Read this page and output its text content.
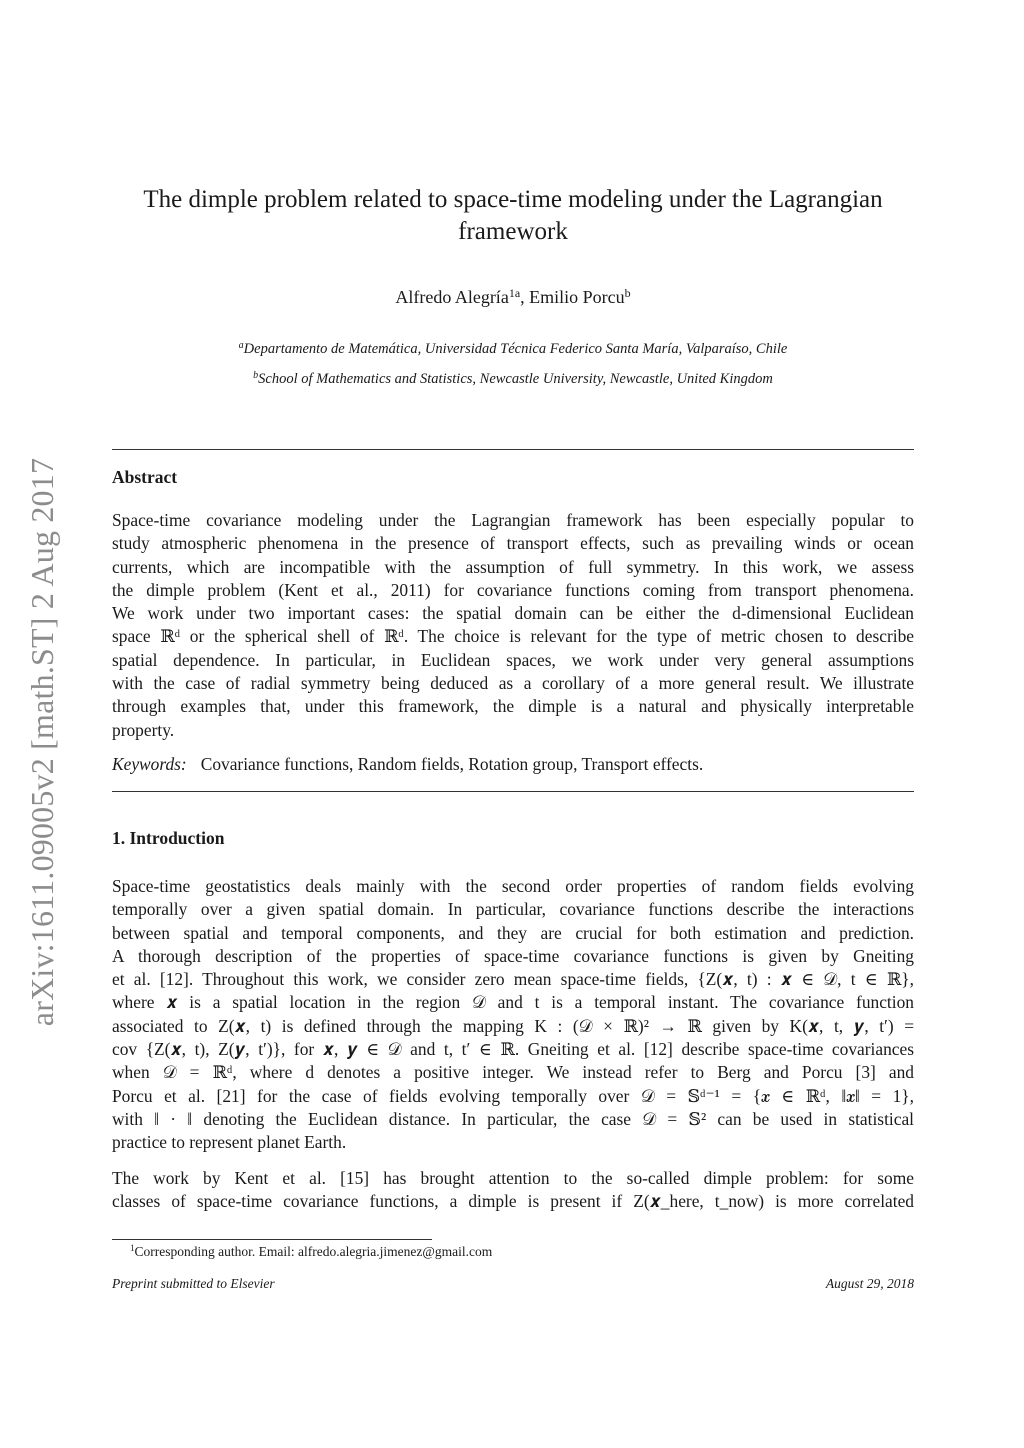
arXiv:1611.09005v2 [math.ST] 2 Aug 2017
The dimple problem related to space-time modeling under the Lagrangian
framework
Alfredo Alegría$^{1a}$, Emilio Porcu$^b$
$^a$Departamento de Matemática, Universidad Técnica Federico Santa María, Valparaíso, Chile
$^b$School of Mathematics and Statistics, Newcastle University, Newcastle, United Kingdom
Abstract
Space-time covariance modeling under the Lagrangian framework has been especially popular to
study atmospheric phenomena in the presence of transport effects, such as prevailing winds or ocean
currents, which are incompatible with the assumption of full symmetry. In this work, we assess
the dimple problem (Kent et al., 2011) for covariance functions coming from transport phenomena.
We work under two important cases: the spatial domain can be either the d-dimensional Euclidean
space ℝᵈ or the spherical shell of ℝᵈ. The choice is relevant for the type of metric chosen to describe
spatial dependence. In particular, in Euclidean spaces, we work under very general assumptions
with the case of radial symmetry being deduced as a corollary of a more general result. We illustrate
through examples that, under this framework, the dimple is a natural and physically interpretable
property.
Keywords: Covariance functions, Random fields, Rotation group, Transport effects.
1. Introduction
Space-time geostatistics deals mainly with the second order properties of random fields evolving
temporally over a given spatial domain. In particular, covariance functions describe the interactions
between spatial and temporal components, and they are crucial for both estimation and prediction.
A thorough description of the properties of space-time covariance functions is given by Gneiting
et al. [12]. Throughout this work, we consider zero mean space-time fields, {Z(𝒙, t) : 𝒙 ∈ 𝒟, t ∈ ℝ},
where 𝒙 is a spatial location in the region 𝒟 and t is a temporal instant. The covariance function
associated to Z(𝒙, t) is defined through the mapping K : (𝒟 × ℝ)² → ℝ given by K(𝒙, t, 𝒚, t′) =
cov {Z(𝒙, t), Z(𝒚, t′)}, for 𝒙, 𝒚 ∈ 𝒟 and t, t′ ∈ ℝ. Gneiting et al. [12] describe space-time covariances
when 𝒟 = ℝᵈ, where d denotes a positive integer. We instead refer to Berg and Porcu [3] and
Porcu et al. [21] for the case of fields evolving temporally over 𝒟 = 𝕊ᵈ⁻¹ = {𝒙 ∈ ℝᵈ, ‖𝒙‖ = 1},
with ‖ · ‖ denoting the Euclidean distance. In particular, the case 𝒟 = 𝕊² can be used in statistical
practice to represent planet Earth.
The work by Kent et al. [15] has brought attention to the so-called dimple problem: for some
classes of space-time covariance functions, a dimple is present if Z(𝒙_here, t_now) is more correlated
$^1$Corresponding author. Email: alfredo.alegria.jimenez@gmail.com
Preprint submitted to Elsevier	August 29, 2018
